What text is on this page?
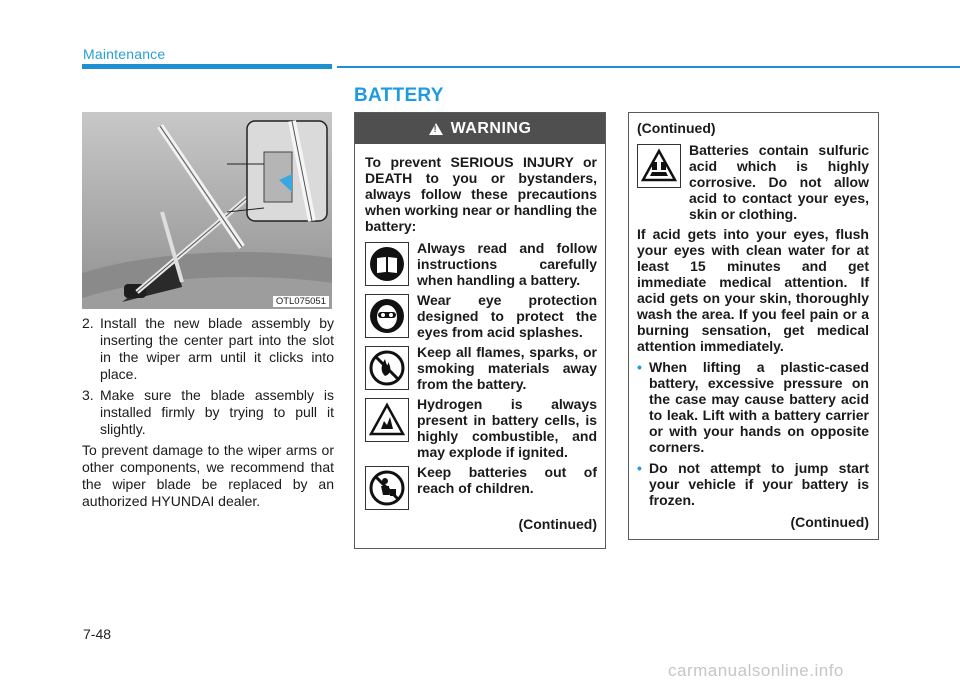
Maintenance
BATTERY
OTL075051
2. Install the new blade assembly by inserting the center part into the slot in the wiper arm until it clicks into place.
3. Make sure the blade assembly is installed firmly by trying to pull it slightly.
To prevent damage to the wiper arms or other components, we recommend that the wiper blade be replaced by an authorized HYUNDAI dealer.
!
WARNING
To prevent SERIOUS INJURY or DEATH to you or bystanders, always follow these precautions when working near or handling the battery:
Always read and follow instructions carefully when handling a battery.
Wear eye protection designed to protect the eyes from acid splashes.
Keep all flames, sparks, or smoking materials away from the battery.
Hydrogen is always present in battery cells, is highly combustible, and may explode if ignited.
Keep batteries out of reach of children.
(Continued)
(Continued)
Batteries contain sulfuric acid which is highly corrosive. Do not allow acid to contact your eyes, skin or clothing.
If acid gets into your eyes, flush your eyes with clean water for at least 15 minutes and get immediate medical attention. If acid gets on your skin, thoroughly wash the area. If you feel pain or a burning sensation, get medical attention immediately.
• When lifting a plastic-cased battery, excessive pressure on the case may cause battery acid to leak. Lift with a battery carrier or with your hands on opposite corners.
• Do not attempt to jump start your vehicle if your battery is frozen.
(Continued)
7-48
carmanualsonline.info
